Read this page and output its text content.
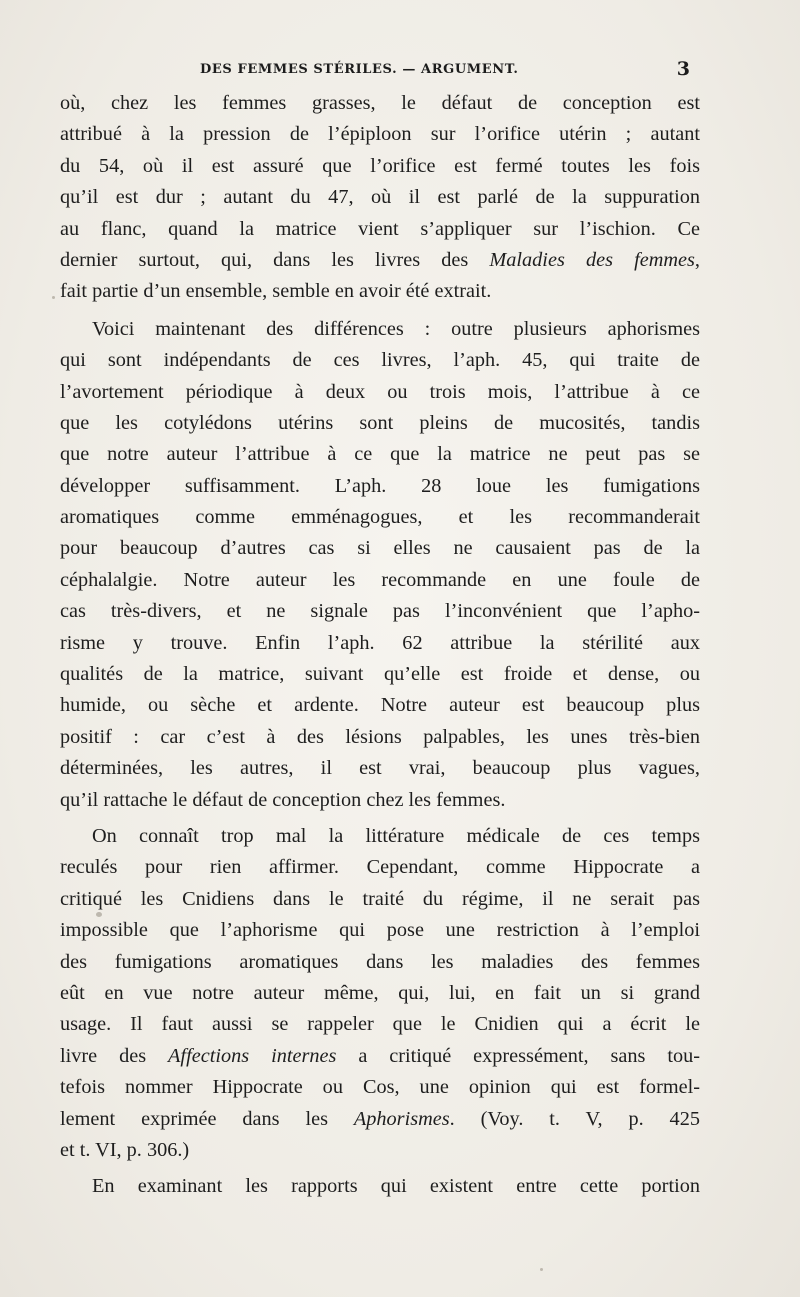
DES FEMMES STÉRILES. — ARGUMENT.	3
où, chez les femmes grasses, le défaut de conception est
attribué à la pression de l’épiploon sur l’orifice utérin ; autant
du 54, où il est assuré que l’orifice est fermé toutes les fois
qu’il est dur ; autant du 47, où il est parlé de la suppuration
au flanc, quand la matrice vient s’appliquer sur l’ischion. Ce
dernier surtout, qui, dans les livres des Maladies des femmes,
fait partie d’un ensemble, semble en avoir été extrait.
Voici maintenant des différences : outre plusieurs aphorismes
qui sont indépendants de ces livres, l’aph. 45, qui traite de
l’avortement périodique à deux ou trois mois, l’attribue à ce
que les cotylédons utérins sont pleins de mucosités, tandis
que notre auteur l’attribue à ce que la matrice ne peut pas se
développer suffisamment. L’aph. 28 loue les fumigations
aromatiques comme emménagogues, et les recommanderait
pour beaucoup d’autres cas si elles ne causaient pas de la
céphalalgie. Notre auteur les recommande en une foule de
cas très-divers, et ne signale pas l’inconvénient que l’apho-
risme y trouve. Enfin l’aph. 62 attribue la stérilité aux
qualités de la matrice, suivant qu’elle est froide et dense, ou
humide, ou sèche et ardente. Notre auteur est beaucoup plus
positif : car c’est à des lésions palpables, les unes très-bien
déterminées, les autres, il est vrai, beaucoup plus vagues,
qu’il rattache le défaut de conception chez les femmes.
On connaît trop mal la littérature médicale de ces temps
reculés pour rien affirmer. Cependant, comme Hippocrate a
critiqué les Cnidiens dans le traité du régime, il ne serait pas
impossible que l’aphorisme qui pose une restriction à l’emploi
des fumigations aromatiques dans les maladies des femmes
eût en vue notre auteur même, qui, lui, en fait un si grand
usage. Il faut aussi se rappeler que le Cnidien qui a écrit le
livre des Affections internes a critiqué expressément, sans tou-
tefois nommer Hippocrate ou Cos, une opinion qui est formel-
lement exprimée dans les Aphorismes. (Voy. t. V, p. 425
et t. VI, p. 306.)
En examinant les rapports qui existent entre cette portion
